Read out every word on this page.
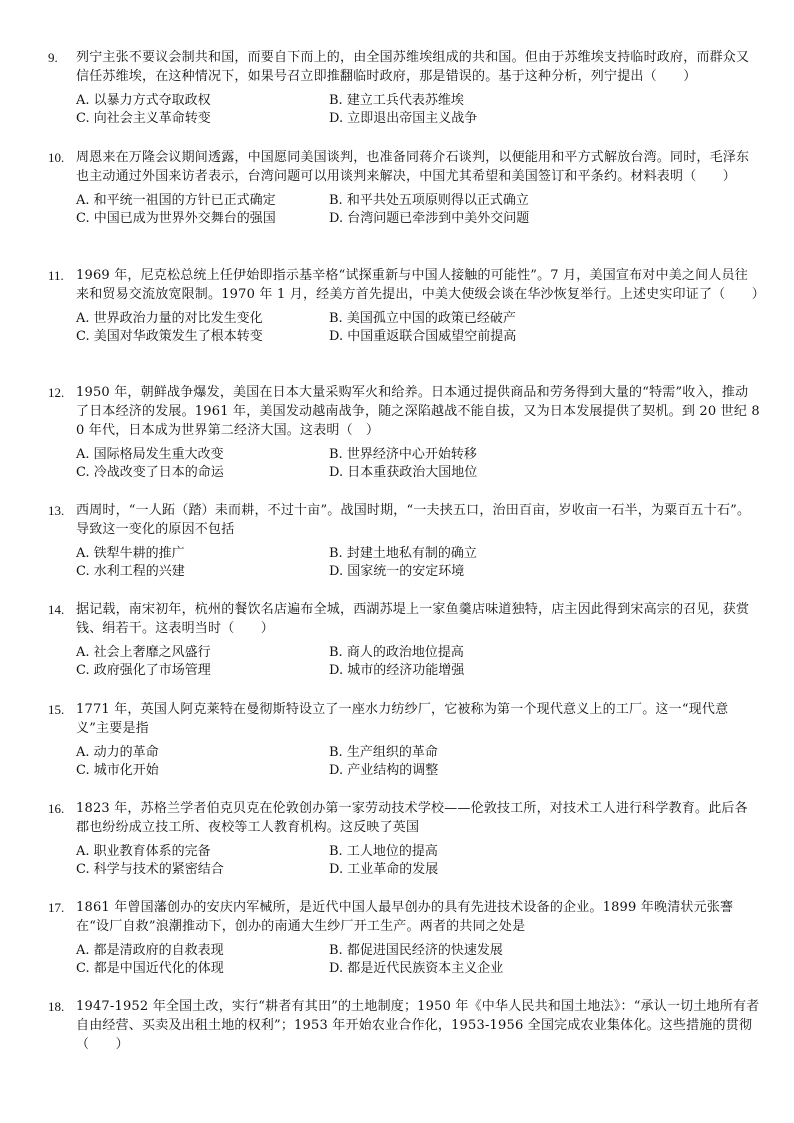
9.	列宁主张不要议会制共和国，而要自下而上的，由全国苏维埃组成的共和国。但由于苏维埃支持临时政府，而群众又信任苏维埃，在这种情况下，如果号召立即推翻临时政府，那是错误的。基于这种分析，列宁提出（　　）
A. 以暴力方式夺取政权	B. 建立工兵代表苏维埃
C. 向社会主义革命转变	D. 立即退出帝国主义战争
10. 周恩来在万隆会议期间透露，中国愿同美国谈判，也准备同蒋介石谈判，以便能用和平方式解放台湾。同时，毛泽东也主动通过外国来访者表示，台湾问题可以用谈判来解决，中国尤其希望和美国签订和平条约。材料表明（　　）
A. 和平统一祖国的方针已正式确定	B. 和平共处五项原则得以正式确立
C. 中国已成为世界外交舞台的强国	D. 台湾问题已牵涉到中美外交问题
11. 1969 年，尼克松总统上任伊始即指示基辛格“试探重新与中国人接触的可能性”。7 月，美国宣布对中美之间人员往来和贸易交流放宽限制。1970 年 1 月，经美方首先提出，中美大使级会谈在华沙恢复举行。上述史实印证了（　　）
A. 世界政治力量的对比发生变化	B. 美国孤立中国的政策已经破产
C. 美国对华政策发生了根本转变	D. 中国重返联合国威望空前提高
12. 1950 年，朝鲜战争爆发，美国在日本大量采购军火和给养。日本通过提供商品和劳务得到大量的“特需”收入，推动了日本经济的发展。1961 年，美国发动越南战争，随之深陷越战不能自拔，又为日本发展提供了契机。到 20 世纪 80 年代，日本成为世界第二经济大国。这表明（　）
A. 国际格局发生重大改变	B. 世界经济中心开始转移
C. 冷战改变了日本的命运	D. 日本重获政治大国地位
13. 西周时，“一人跖（踏）耒而耕，不过十亩”。战国时期，“一夫挟五口，治田百亩，岁收亩一石半，为粟百五十石”。导致这一变化的原因不包括
A. 铁犁牛耕的推广	B. 封建土地私有制的确立
C. 水利工程的兴建	D. 国家统一的安定环境
14. 据记载，南宋初年，杭州的餐饮名店遍布全城，西湖苏堤上一家鱼羹店味道独特，店主因此得到宋高宗的召见，获赏钱、绢若干。这表明当时（　　）
A. 社会上奢靡之风盛行	B. 商人的政治地位提高
C. 政府强化了市场管理	D. 城市的经济功能增强
15. 1771 年，英国人阿克莱特在曼彻斯特设立了一座水力纺纱厂，它被称为第一个现代意义上的工厂。这一“现代意义”主要是指
A. 动力的革命	B. 生产组织的革命
C. 城市化开始	D. 产业结构的调整
16. 1823 年，苏格兰学者伯克贝克在伦敦创办第一家劳动技术学校——伦敦技工所，对技术工人进行科学教育。此后各郡也纷纷成立技工所、夜校等工人教育机构。这反映了英国
A. 职业教育体系的完备	B. 工人地位的提高
C. 科学与技术的紧密结合	D. 工业革命的发展
17. 1861 年曾国藩创办的安庆内军械所，是近代中国人最早创办的具有先进技术设备的企业。1899 年晚清状元张謇在“设厂自救”浪潮推动下，创办的南通大生纱厂开工生产。两者的共同之处是
A. 都是清政府的自救表现	B. 都促进国民经济的快速发展
C. 都是中国近代化的体现	D. 都是近代民族资本主义企业
18. 1947-1952 年全国土改，实行“耕者有其田”的土地制度；1950 年《中华人民共和国土地法》：“承认一切土地所有者自由经营、买卖及出租土地的权利”；1953 年开始农业合作化，1953-1956 全国完成农业集体化。这些措施的贯彻（　　）
